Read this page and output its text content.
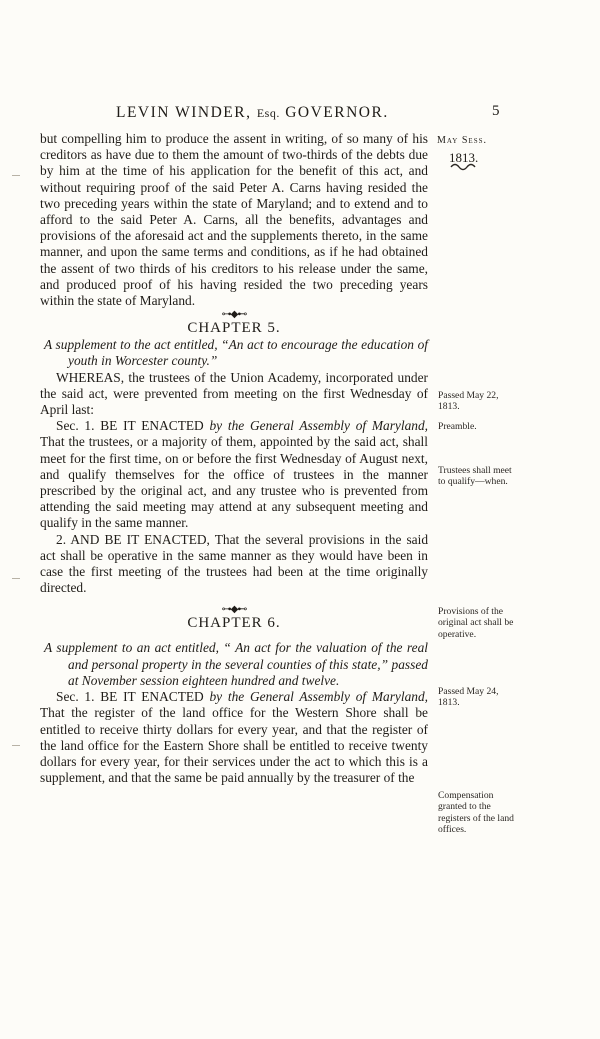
LEVIN WINDER, Esq. GOVERNOR.	5
May Sess.
1813.
Passed May 22, 1813.
Preamble.
Trustees shall meet to qualify—when.
Provisions of the original act shall be operative.
Passed May 24, 1813.
Compensation granted to the registers of the land offices.

but compelling him to produce the assent in writing, of so many of his creditors as have due to them the amount of two-thirds of the debts due by him at the time of his application for the benefit of this act, and without requiring proof of the said Peter A. Carns having resided the two preceding years within the state of Maryland; and to extend and to afford to the said Peter A. Carns, all the benefits, advantages and provisions of the aforesaid act and the supplements thereto, in the same manner, and upon the same terms and conditions, as if he had obtained the assent of two thirds of his creditors to his release under the same, and produced proof of his having resided the two preceding years within the state of Maryland.

⊶◆⊷

CHAPTER 5.

A supplement to the act entitled, “An act to encourage the education of youth in Worcester county.”

WHEREAS, the trustees of the Union Academy, incorporated under the said act, were prevented from meeting on the first Wednesday of April last:

Sec. 1. BE IT ENACTED by the General Assembly of Maryland, That the trustees, or a majority of them, appointed by the said act, shall meet for the first time, on or before the first Wednesday of August next, and qualify themselves for the office of trustees in the manner prescribed by the original act, and any trustee who is prevented from attending the said meeting may attend at any subsequent meeting and qualify in the same manner.

2. AND BE IT ENACTED, That the several provisions in the said act shall be operative in the same manner as they would have been in case the first meeting of the trustees had been at the time originally directed.

⊶◆⊷

CHAPTER 6.

A supplement to an act entitled, “ An act for the valuation of the real and personal property in the several counties of this state,” passed at November session eighteen hundred and twelve.

Sec. 1. BE IT ENACTED by the General Assembly of Maryland, That the register of the land office for the Western Shore shall be entitled to receive thirty dollars for every year, and that the register of the land office for the Eastern Shore shall be entitled to receive twenty dollars for every year, for their services under the act to which this is a supplement, and that the same be paid annually by the treasurer of the
